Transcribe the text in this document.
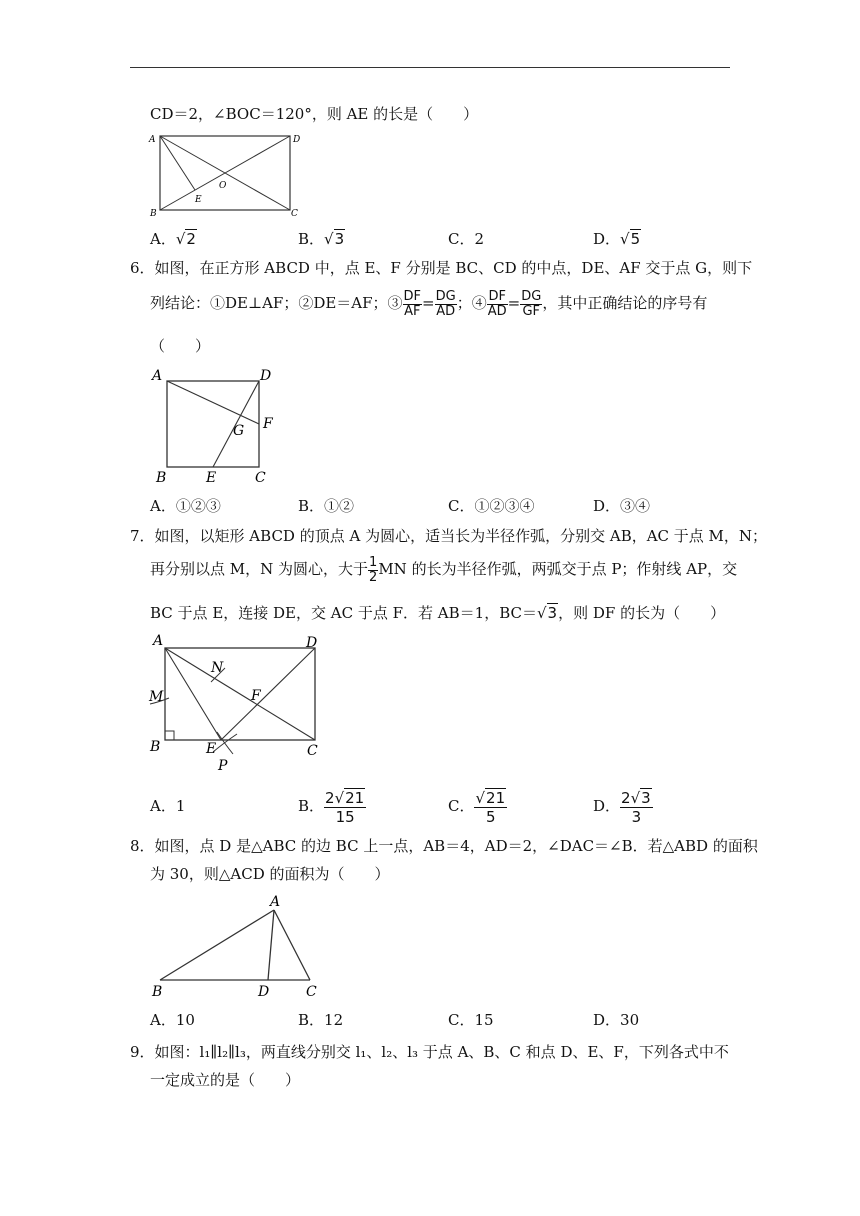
CD＝2，∠BOC＝120°，则 AE 的长是（　　）
A	D
B	C
O
E
A．√2	B．√3	C．2	D．√5
6．如图，在正方形 ABCD 中，点 E、F 分别是 BC、CD 的中点，DE、AF 交于点 G，则下
列结论：①DE⊥AF；②DE＝AF；③ $\frac{DF}{AF} = \frac{DG}{AD}$ ；④ $\frac{DF}{AD} = \frac{DG}{GF}$ ，其中正确结论的序号有
（　　）
A	D
F
G
B	E	C
A．①②③	B．①②	C．①②③④	D．③④
7．如图，以矩形 ABCD 的顶点 A 为圆心，适当长为半径作弧，分别交 AB，AC 于点 M，N；
再分别以点 M，N 为圆心，大于 $\frac{1}{2}$ MN 的长为半径作弧，两弧交于点 P；作射线 AP，交
BC 于点 E，连接 DE，交 AC 于点 F．若 AB＝1，BC＝√3，则 DF 的长为（　　）
A	D
N
F
M
B	E	C
P
A．1	B． $\frac{2√21}{15}$	C． $\frac{√21}{5}$	D． $\frac{2√3}{3}$
8．如图，点 D 是△ABC 的边 BC 上一点，AB＝4，AD＝2，∠DAC＝∠B．若△ABD 的面积
为 30，则△ACD 的面积为（　　）
A
B	D	C
A．10	B．12	C．15	D．30
9．如图：l₁∥l₂∥l₃，两直线分别交 l₁、l₂、l₃ 于点 A、B、C 和点 D、E、F，下列各式中不
一定成立的是（　　）
